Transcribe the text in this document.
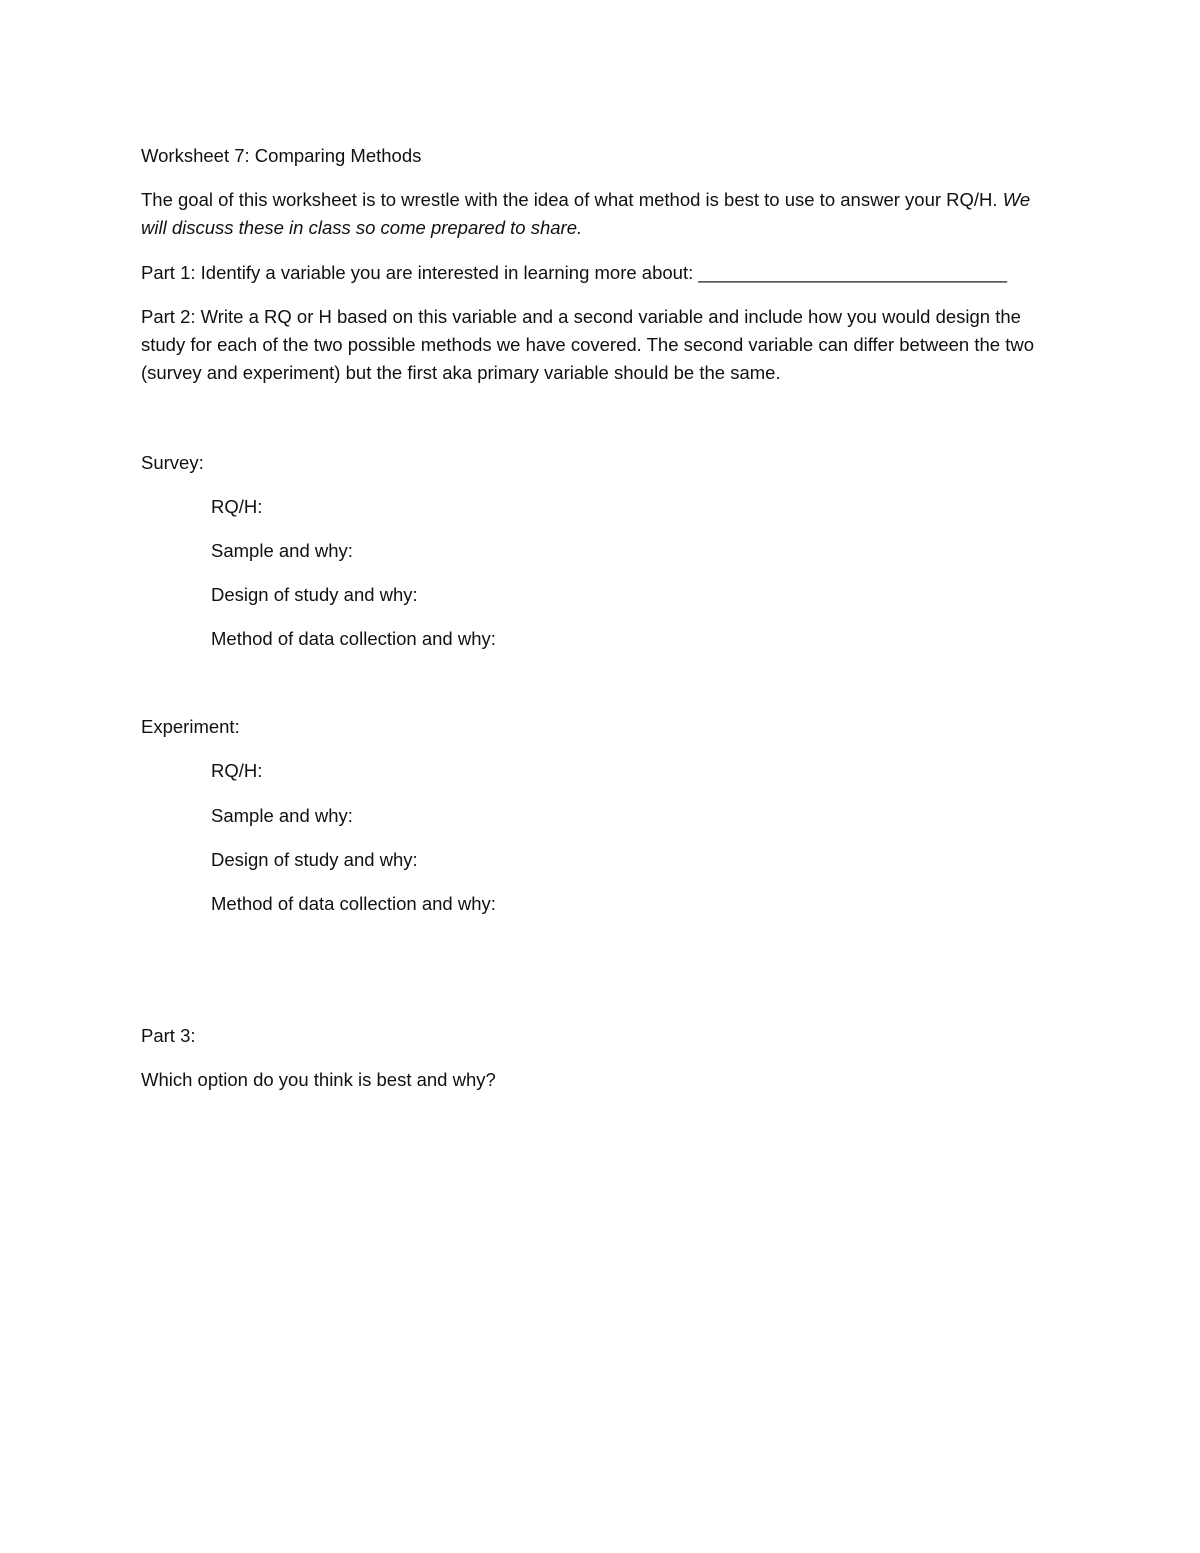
Worksheet 7: Comparing Methods
The goal of this worksheet is to wrestle with the idea of what method is best to use to answer your RQ/H. We will discuss these in class so come prepared to share.
Part 1: Identify a variable you are interested in learning more about: ______________________________
Part 2: Write a RQ or H based on this variable and a second variable and include how you would design the study for each of the two possible methods we have covered. The second variable can differ between the two (survey and experiment) but the first aka primary variable should be the same.
Survey:
RQ/H:
Sample and why:
Design of study and why:
Method of data collection and why:
Experiment:
RQ/H:
Sample and why:
Design of study and why:
Method of data collection and why:
Part 3:
Which option do you think is best and why?
